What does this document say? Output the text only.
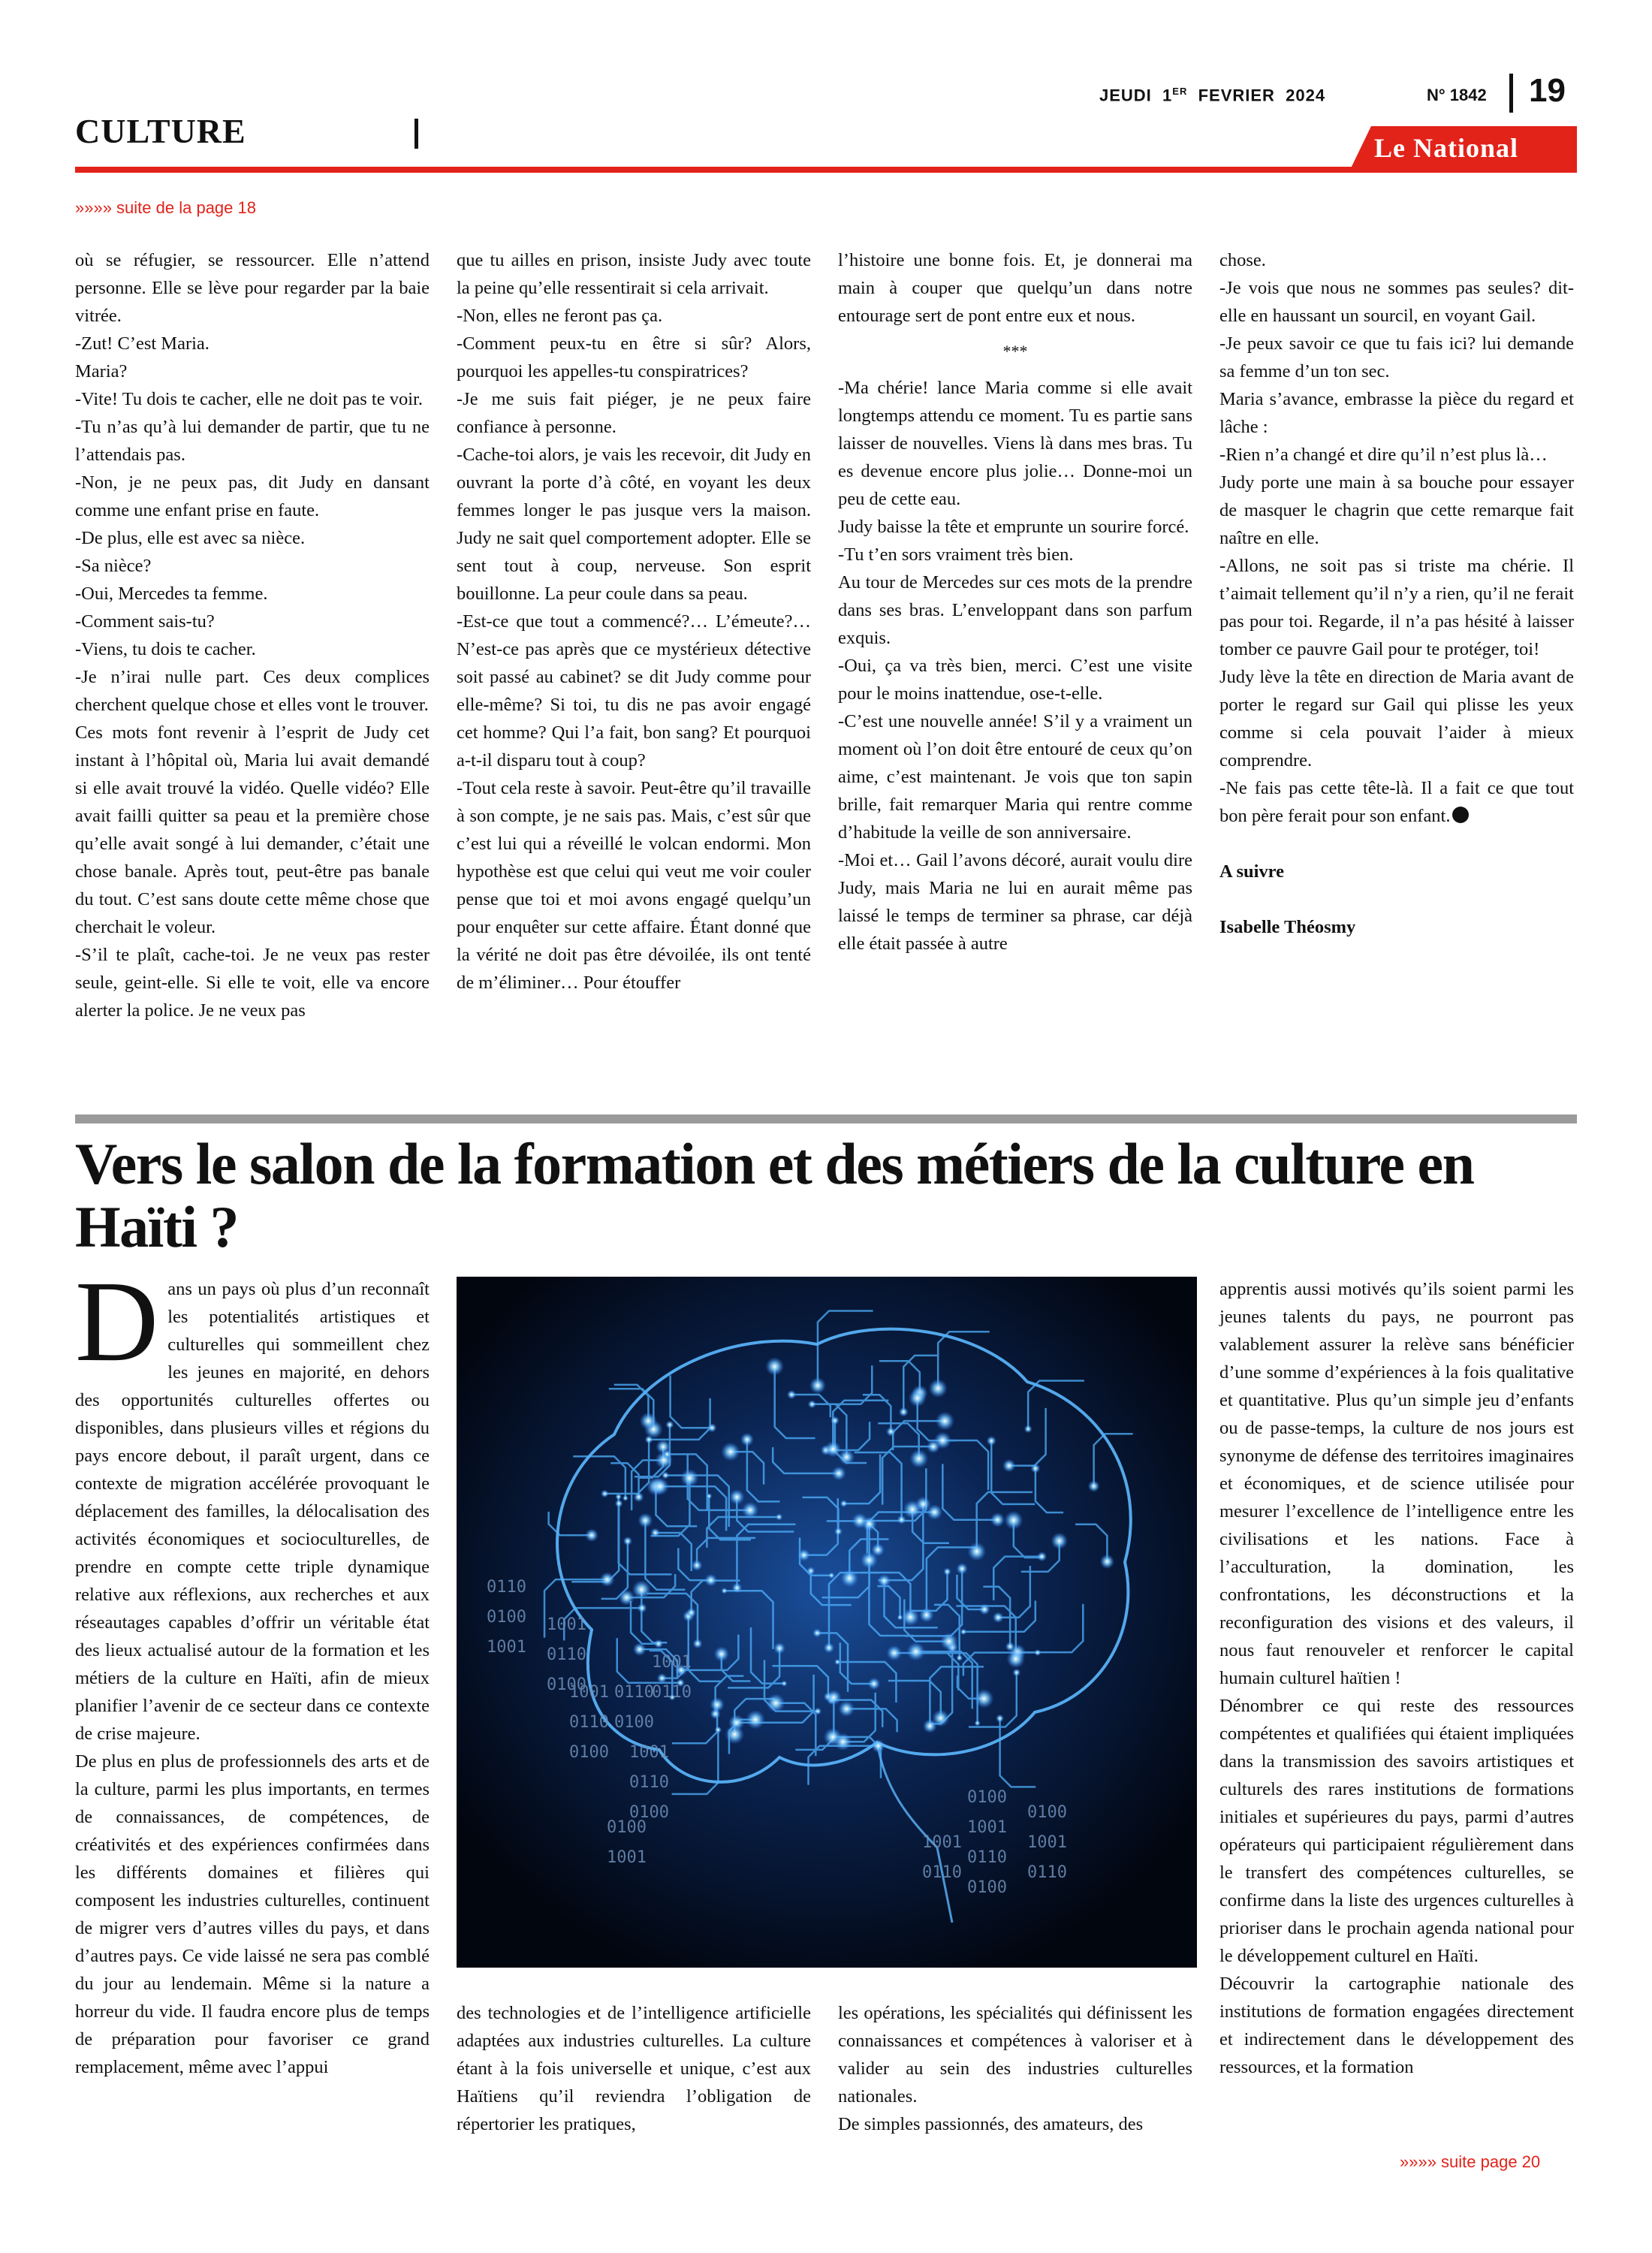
CULTURE
JEUDI 1ER FEVRIER  2024	N° 1842 19
Le National
»»»» suite de la page 18

où se réfugier, se ressourcer. Elle n’attend personne. Elle se lève pour regarder par la baie vitrée.

-Zut! C’est Maria.

Maria?

-Vite! Tu dois te cacher, elle ne doit pas te voir.

-Tu n’as qu’à lui demander de partir, que tu ne l’attendais pas.

-Non, je ne peux pas, dit Judy en dansant comme une enfant prise en faute.

-De plus, elle est avec sa nièce.

-Sa nièce?

-Oui, Mercedes ta femme.

-Comment sais-tu?

-Viens, tu dois te cacher.

-Je n’irai nulle part. Ces deux complices cherchent quelque chose et elles vont le trouver.

Ces mots font revenir à l’esprit de Judy cet instant à l’hôpital où, Maria lui avait demandé si elle avait trouvé la vidéo. Quelle vidéo? Elle avait failli quitter sa peau et la première chose qu’elle avait songé à lui demander, c’était une chose banale. Après tout, peut-être pas banale du tout. C’est sans doute cette même chose que cherchait le voleur.

-S’il te plaît, cache-toi. Je ne veux pas rester seule, geint-elle. Si elle te voit, elle va encore alerter la police. Je ne veux pas

que tu ailles en prison, insiste Judy avec toute la peine qu’elle ressentirait si cela arrivait.

-Non, elles ne feront pas ça.

-Comment peux-tu en être si sûr? Alors, pourquoi les appelles-tu conspiratrices?

-Je me suis fait piéger, je ne peux faire confiance à personne.

-Cache-toi alors, je vais les recevoir, dit Judy en ouvrant la porte d’à côté, en voyant les deux femmes longer le pas jusque vers la maison. Judy ne sait quel comportement adopter. Elle se sent tout à coup, nerveuse. Son esprit bouillonne. La peur coule dans sa peau.

-Est-ce que tout a commencé?… L’émeute?… N’est-ce pas après que ce mystérieux détective soit passé au cabinet? se dit Judy comme pour elle-même? Si toi, tu dis ne pas avoir engagé cet homme? Qui l’a fait, bon sang? Et pourquoi a-t-il disparu tout à coup?

-Tout cela reste à savoir. Peut-être qu’il travaille à son compte, je ne sais pas. Mais, c’est sûr que c’est lui qui a réveillé le volcan endormi. Mon hypothèse est que celui qui veut me voir couler pense que toi et moi avons engagé quelqu’un pour enquêter sur cette affaire. Étant donné que la vérité ne doit pas être dévoilée, ils ont tenté de m’éliminer… Pour étouffer

l’histoire une bonne fois. Et, je donnerai ma main à couper que quelqu’un dans notre entourage sert de pont entre eux et nous.

***

-Ma chérie! lance Maria comme si elle avait longtemps attendu ce moment. Tu es partie sans laisser de nouvelles. Viens là dans mes bras. Tu es devenue encore plus jolie… Donne-moi un peu de cette eau.

Judy baisse la tête et emprunte un sourire forcé.

-Tu t’en sors vraiment très bien.

Au tour de Mercedes sur ces mots de la prendre dans ses bras. L’enveloppant dans son parfum exquis.

-Oui, ça va très bien, merci. C’est une visite pour le moins inattendue, ose-t-elle.

-C’est une nouvelle année! S’il y a vraiment un moment où l’on doit être entouré de ceux qu’on aime, c’est maintenant. Je vois que ton sapin brille, fait remarquer Maria qui rentre comme d’habitude la veille de son anniversaire.

-Moi et… Gail l’avons décoré, aurait voulu dire Judy, mais Maria ne lui en aurait même pas laissé le temps de terminer sa phrase, car déjà elle était passée à autre

chose.

-Je vois que nous ne sommes pas seules? dit-elle en haussant un sourcil, en voyant Gail.

-Je peux savoir ce que tu fais ici? lui demande sa femme d’un ton sec.

Maria s’avance, embrasse la pièce du regard et lâche :

-Rien n’a changé et dire qu’il n’est plus là…

Judy porte une main à sa bouche pour essayer de masquer le chagrin que cette remarque fait naître en elle.

-Allons, ne soit pas si triste ma chérie. Il t’aimait tellement qu’il n’y a rien, qu’il ne ferait pas pour toi. Regarde, il n’a pas hésité à laisser tomber ce pauvre Gail pour te protéger, toi!

Judy lève la tête en direction de Maria avant de porter le regard sur Gail qui plisse les yeux comme si cela pouvait l’aider à mieux comprendre.

-Ne fais pas cette tête-là. Il a fait ce que tout bon père ferait pour son enfant.

A suivre

Isabelle Théosmy

Vers le salon de la formation et des métiers de la culture en Haïti ?

Dans un pays où plus d’un reconnaît les potentialités artistiques et culturelles qui sommeillent chez les jeunes en majorité, en dehors des opportunités culturelles offertes ou disponibles, dans plusieurs villes et régions du pays encore debout, il paraît urgent, dans ce contexte de migration accélérée provoquant le déplacement des familles, la délocalisation des activités économiques et socioculturelles, de prendre en compte cette triple dynamique relative aux réflexions, aux recherches et aux réseautages capables d’offrir un véritable état des lieux actualisé autour de la formation et les métiers de la culture en Haïti, afin de mieux planifier l’avenir de ce secteur dans ce contexte de crise majeure.

De plus en plus de professionnels des arts et de la culture, parmi les plus importants, en termes de connaissances, de compétences, de créativités et des expériences confirmées dans les différents domaines et filières qui composent les industries culturelles, continuent de migrer vers d’autres villes du pays, et dans d’autres pays. Ce vide laissé ne sera pas comblé du jour au lendemain. Même si la nature a horreur du vide. Il faudra encore plus de temps de préparation pour favoriser ce grand remplacement, même avec l’appui

0110
0100
1001
0110
0100
1001
0110
0100
1001
0110
0100
1001
0110
0100
1001
0110
0100
1001
0110
0100
1001
0110
0100
1001
0110
0100
1001

des technologies et de l’intelligence artificielle adaptées aux industries culturelles. La culture étant à la fois universelle et unique, c’est aux Haïtiens qu’il reviendra l’obligation de répertorier les pratiques,

les opérations, les spécialités qui définissent les connaissances et compétences à valoriser et à valider au sein des industries culturelles nationales.

De simples passionnés, des amateurs, des

apprentis aussi motivés qu’ils soient parmi les jeunes talents du pays, ne pourront pas valablement assurer la relève sans bénéficier d’une somme d’expériences à la fois qualitative et quantitative. Plus qu’un simple jeu d’enfants ou de passe-temps, la culture de nos jours est synonyme de défense des territoires imaginaires et économiques, et de science utilisée pour mesurer l’excellence de l’intelligence entre les civilisations et les nations. Face à l’acculturation, la domination, les confrontations, les déconstructions et la reconfiguration des visions et des valeurs, il nous faut renouveler et renforcer le capital humain culturel haïtien !

Dénombrer ce qui reste des ressources compétentes et qualifiées qui étaient impliquées dans la transmission des savoirs artistiques et culturels des rares institutions de formations initiales et supérieures du pays, parmi d’autres opérateurs qui participaient régulièrement dans le transfert des compétences culturelles, se confirme dans la liste des urgences culturelles à prioriser dans le prochain agenda national pour le développement culturel en Haïti.

Découvrir la cartographie nationale des institutions de formation engagées directement et indirectement dans le développement des ressources, et la formation

»»»» suite page 20
